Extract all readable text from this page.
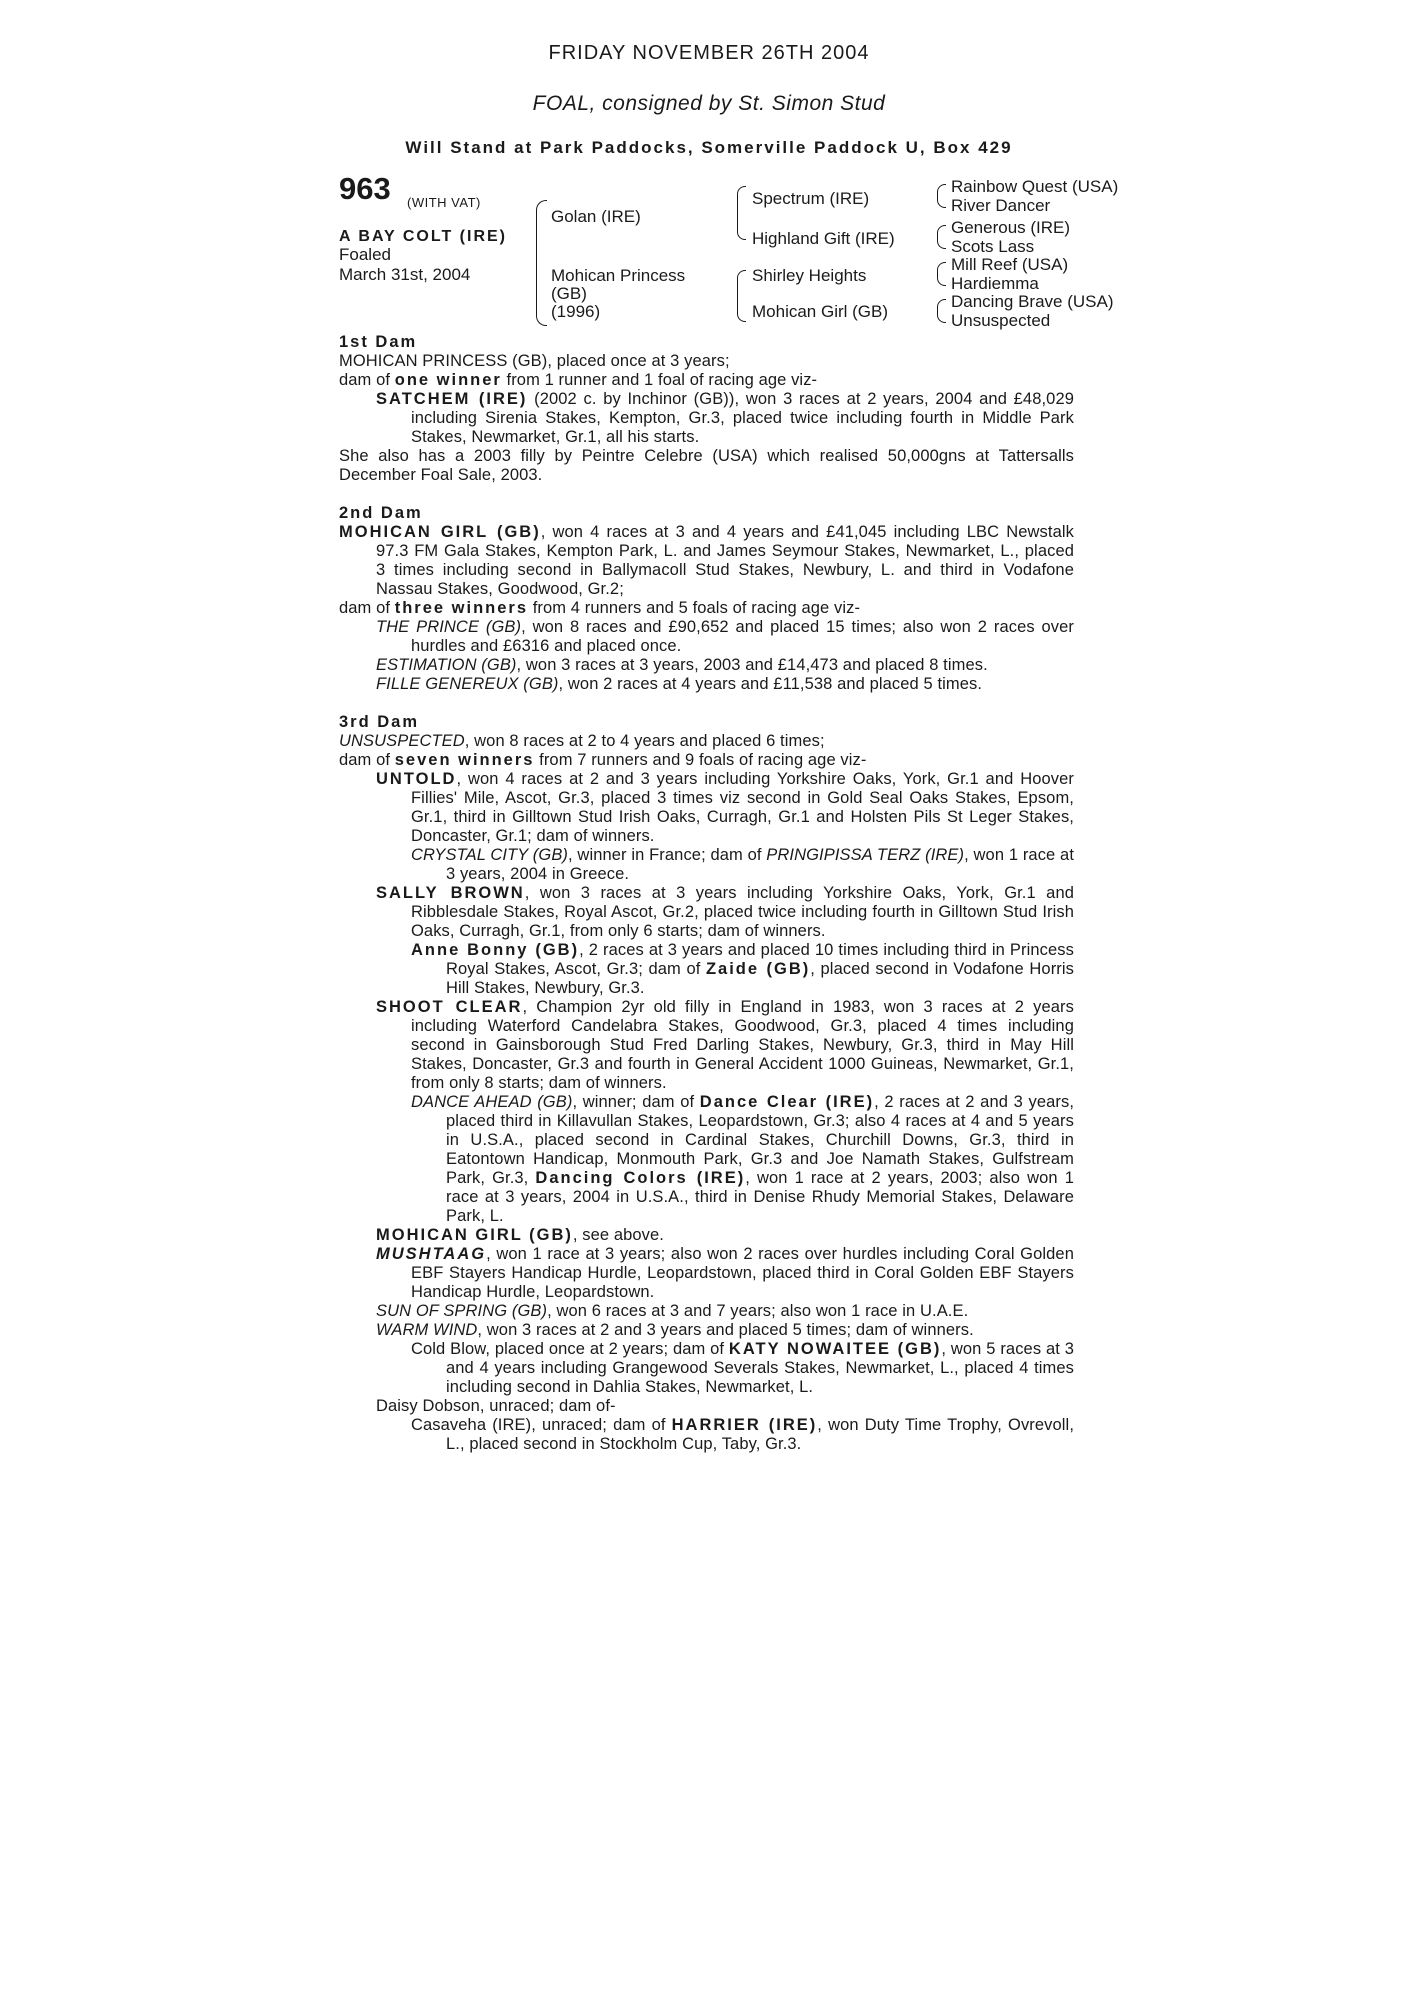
FRIDAY NOVEMBER 26TH 2004
FOAL, consigned by St. Simon Stud
Will Stand at Park Paddocks, Somerville Paddock U, Box 429
963 (WITH VAT)
A BAY COLT (IRE)
Foaled
March 31st, 2004
Golan (IRE)
Mohican Princess
(GB)
(1996)
Spectrum (IRE)
Highland Gift (IRE)
Shirley Heights
Mohican Girl (GB)
Rainbow Quest (USA)
River Dancer
Generous (IRE)
Scots Lass
Mill Reef (USA)
Hardiemma
Dancing Brave (USA)
Unsuspected

1st Dam

MOHICAN PRINCESS (GB), placed once at 3 years;

dam of one winner from 1 runner and 1 foal of racing age viz-

SATCHEM (IRE) (2002 c. by Inchinor (GB)), won 3 races at 2 years, 2004 and £48,029 including Sirenia Stakes, Kempton, Gr.3, placed twice including fourth in Middle Park Stakes, Newmarket, Gr.1, all his starts.

She also has a 2003 filly by Peintre Celebre (USA) which realised 50,000gns at Tattersalls December Foal Sale, 2003.

2nd Dam

MOHICAN GIRL (GB), won 4 races at 3 and 4 years and £41,045 including LBC Newstalk 97.3 FM Gala Stakes, Kempton Park, L. and James Seymour Stakes, Newmarket, L., placed 3 times including second in Ballymacoll Stud Stakes, Newbury, L. and third in Vodafone Nassau Stakes, Goodwood, Gr.2;

dam of three winners from 4 runners and 5 foals of racing age viz-

THE PRINCE (GB), won 8 races and £90,652 and placed 15 times; also won 2 races over hurdles and £6316 and placed once.

ESTIMATION (GB), won 3 races at 3 years, 2003 and £14,473 and placed 8 times.

FILLE GENEREUX (GB), won 2 races at 4 years and £11,538 and placed 5 times.

3rd Dam

UNSUSPECTED, won 8 races at 2 to 4 years and placed 6 times;

dam of seven winners from 7 runners and 9 foals of racing age viz-

UNTOLD, won 4 races at 2 and 3 years including Yorkshire Oaks, York, Gr.1 and Hoover Fillies' Mile, Ascot, Gr.3, placed 3 times viz second in Gold Seal Oaks Stakes, Epsom, Gr.1, third in Gilltown Stud Irish Oaks, Curragh, Gr.1 and Holsten Pils St Leger Stakes, Doncaster, Gr.1; dam of winners.

CRYSTAL CITY (GB), winner in France; dam of PRINGIPISSA TERZ (IRE), won 1 race at 3 years, 2004 in Greece.

SALLY BROWN, won 3 races at 3 years including Yorkshire Oaks, York, Gr.1 and Ribblesdale Stakes, Royal Ascot, Gr.2, placed twice including fourth in Gilltown Stud Irish Oaks, Curragh, Gr.1, from only 6 starts; dam of winners.

Anne Bonny (GB), 2 races at 3 years and placed 10 times including third in Princess Royal Stakes, Ascot, Gr.3; dam of Zaide (GB), placed second in Vodafone Horris Hill Stakes, Newbury, Gr.3.

SHOOT CLEAR, Champion 2yr old filly in England in 1983, won 3 races at 2 years including Waterford Candelabra Stakes, Goodwood, Gr.3, placed 4 times including second in Gainsborough Stud Fred Darling Stakes, Newbury, Gr.3, third in May Hill Stakes, Doncaster, Gr.3 and fourth in General Accident 1000 Guineas, Newmarket, Gr.1, from only 8 starts; dam of winners.

DANCE AHEAD (GB), winner; dam of Dance Clear (IRE), 2 races at 2 and 3 years, placed third in Killavullan Stakes, Leopardstown, Gr.3; also 4 races at 4 and 5 years in U.S.A., placed second in Cardinal Stakes, Churchill Downs, Gr.3, third in Eatontown Handicap, Monmouth Park, Gr.3 and Joe Namath Stakes, Gulfstream Park, Gr.3, Dancing Colors (IRE), won 1 race at 2 years, 2003; also won 1 race at 3 years, 2004 in U.S.A., third in Denise Rhudy Memorial Stakes, Delaware Park, L.

MOHICAN GIRL (GB), see above.

MUSHTAAG, won 1 race at 3 years; also won 2 races over hurdles including Coral Golden EBF Stayers Handicap Hurdle, Leopardstown, placed third in Coral Golden EBF Stayers Handicap Hurdle, Leopardstown.

SUN OF SPRING (GB), won 6 races at 3 and 7 years; also won 1 race in U.A.E.

WARM WIND, won 3 races at 2 and 3 years and placed 5 times; dam of winners.

Cold Blow, placed once at 2 years; dam of KATY NOWAITEE (GB), won 5 races at 3 and 4 years including Grangewood Severals Stakes, Newmarket, L., placed 4 times including second in Dahlia Stakes, Newmarket, L.

Daisy Dobson, unraced; dam of-

Casaveha (IRE), unraced; dam of HARRIER (IRE), won Duty Time Trophy, Ovrevoll, L., placed second in Stockholm Cup, Taby, Gr.3.
